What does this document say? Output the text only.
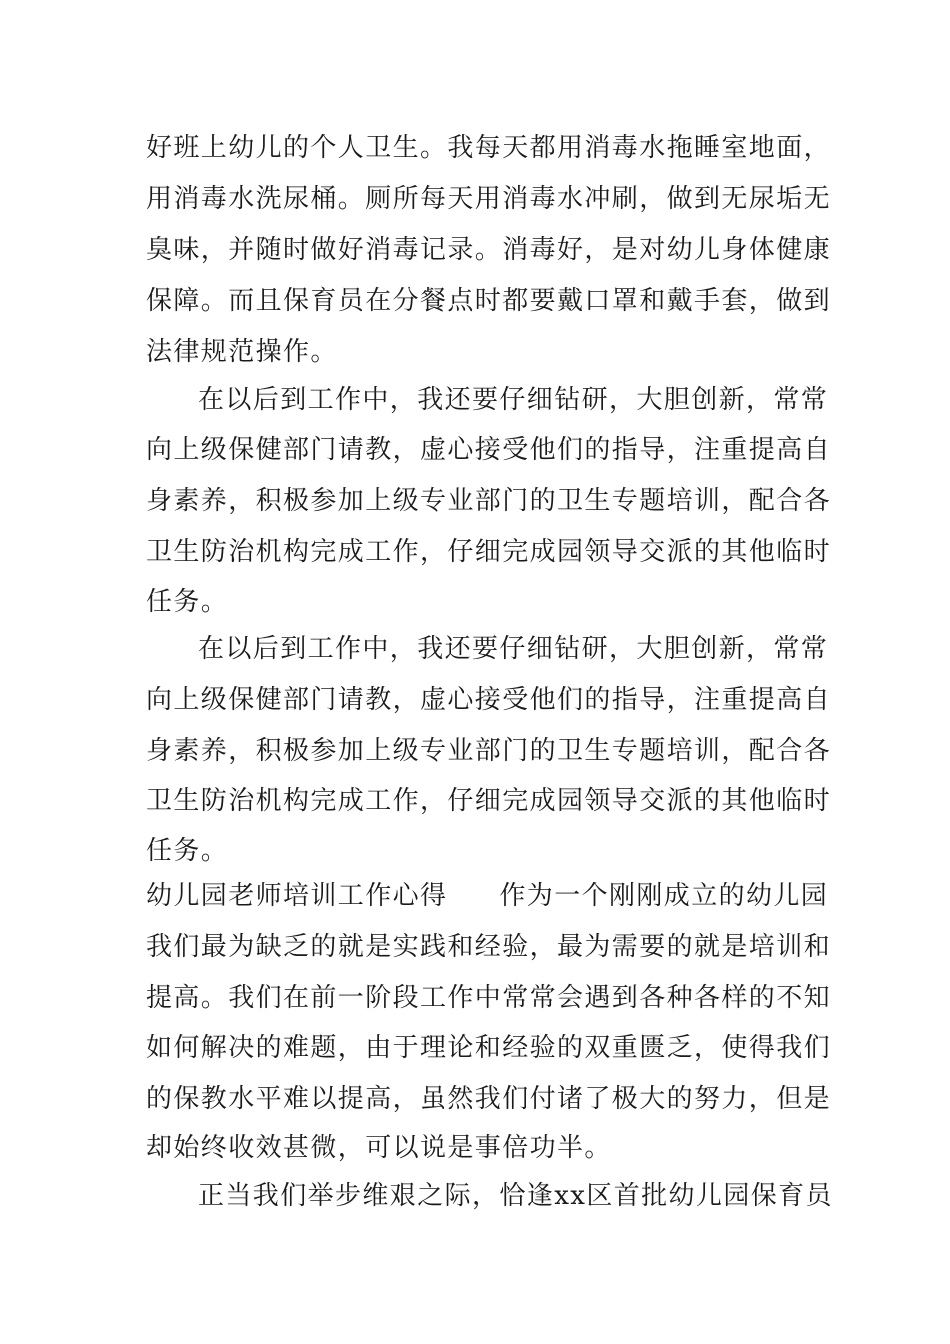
好班上幼儿的个人卫生。我每天都用消毒水拖睡室地面，
用消毒水洗尿桶。厕所每天用消毒水冲刷，做到无尿垢无
臭味，并随时做好消毒记录。消毒好，是对幼儿身体健康
保障。而且保育员在分餐点时都要戴口罩和戴手套，做到
法律规范操作。
在以后到工作中，我还要仔细钻研，大胆创新，常常
向上级保健部门请教，虚心接受他们的指导，注重提高自
身素养，积极参加上级专业部门的卫生专题培训，配合各
卫生防治机构完成工作，仔细完成园领导交派的其他临时
任务。
在以后到工作中，我还要仔细钻研，大胆创新，常常
向上级保健部门请教，虚心接受他们的指导，注重提高自
身素养，积极参加上级专业部门的卫生专题培训，配合各
卫生防治机构完成工作，仔细完成园领导交派的其他临时
任务。
幼儿园老师培训工作心得 作为一个刚刚成立的幼儿园
我们最为缺乏的就是实践和经验，最为需要的就是培训和
提高。我们在前一阶段工作中常常会遇到各种各样的不知
如何解决的难题，由于理论和经验的双重匮乏，使得我们
的保教水平难以提高，虽然我们付诸了极大的努力，但是
却始终收效甚微，可以说是事倍功半。
正当我们举步维艰之际，恰逢xx区首批幼儿园保育员
